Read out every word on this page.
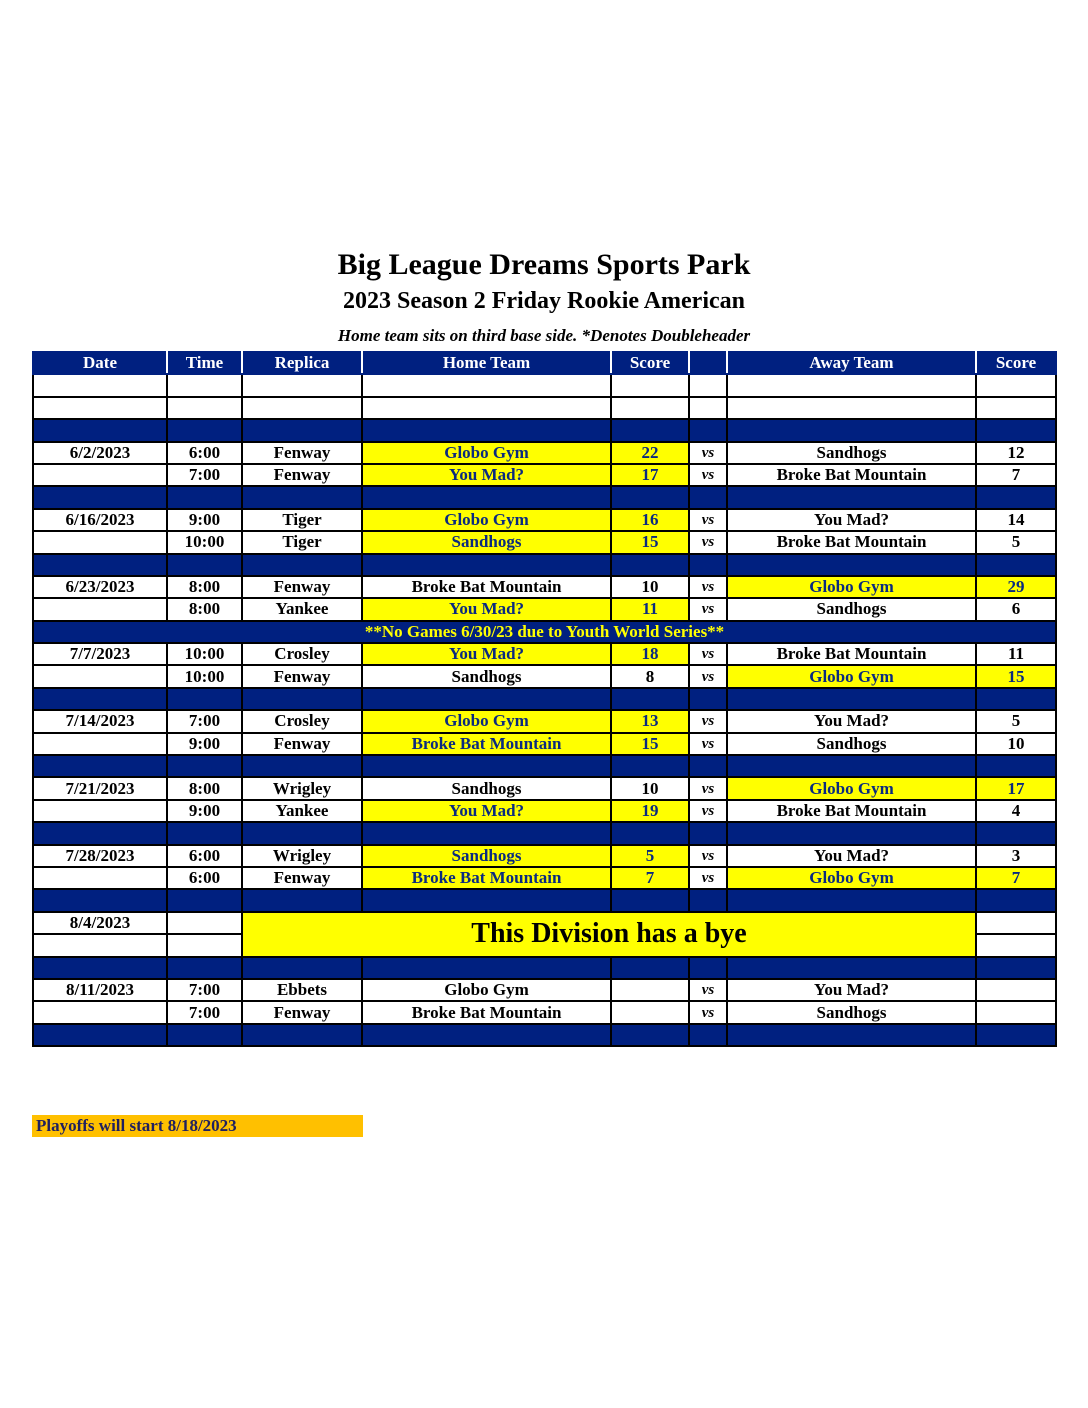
Big League Dreams Sports Park
2023 Season 2 Friday Rookie American
Home team sits on third base side. *Denotes Doubleheader
Date	Time	Replica	Home Team	Score		Away Team	Score

6/2/2023	6:00	Fenway	Globo Gym	22	vs	Sandhogs	12
	7:00	Fenway	You Mad?	17	vs	Broke Bat Mountain	7

6/16/2023	9:00	Tiger	Globo Gym	16	vs	You Mad?	14
	10:00	Tiger	Sandhogs	15	vs	Broke Bat Mountain	5

6/23/2023	8:00	Fenway	Broke Bat Mountain	10	vs	Globo Gym	29
	8:00	Yankee	You Mad?	11	vs	Sandhogs	6
**No Games 6/30/23 due to Youth World Series**							
7/7/2023	10:00	Crosley	You Mad?	18	vs	Broke Bat Mountain	11
	10:00	Fenway	Sandhogs	8	vs	Globo Gym	15

7/14/2023	7:00	Crosley	Globo Gym	13	vs	You Mad?	5
	9:00	Fenway	Broke Bat Mountain	15	vs	Sandhogs	10

7/21/2023	8:00	Wrigley	Sandhogs	10	vs	Globo Gym	17
	9:00	Yankee	You Mad?	19	vs	Broke Bat Mountain	4

7/28/2023	6:00	Wrigley	Sandhogs	5	vs	You Mad?	3
	6:00	Fenway	Broke Bat Mountain	7	vs	Globo Gym	7

8/4/2023		This Division has a bye					

8/11/2023	7:00	Ebbets	Globo Gym		vs	You Mad?	
	7:00	Fenway	Broke Bat Mountain		vs	Sandhogs	

Playoffs will start 8/18/2023
